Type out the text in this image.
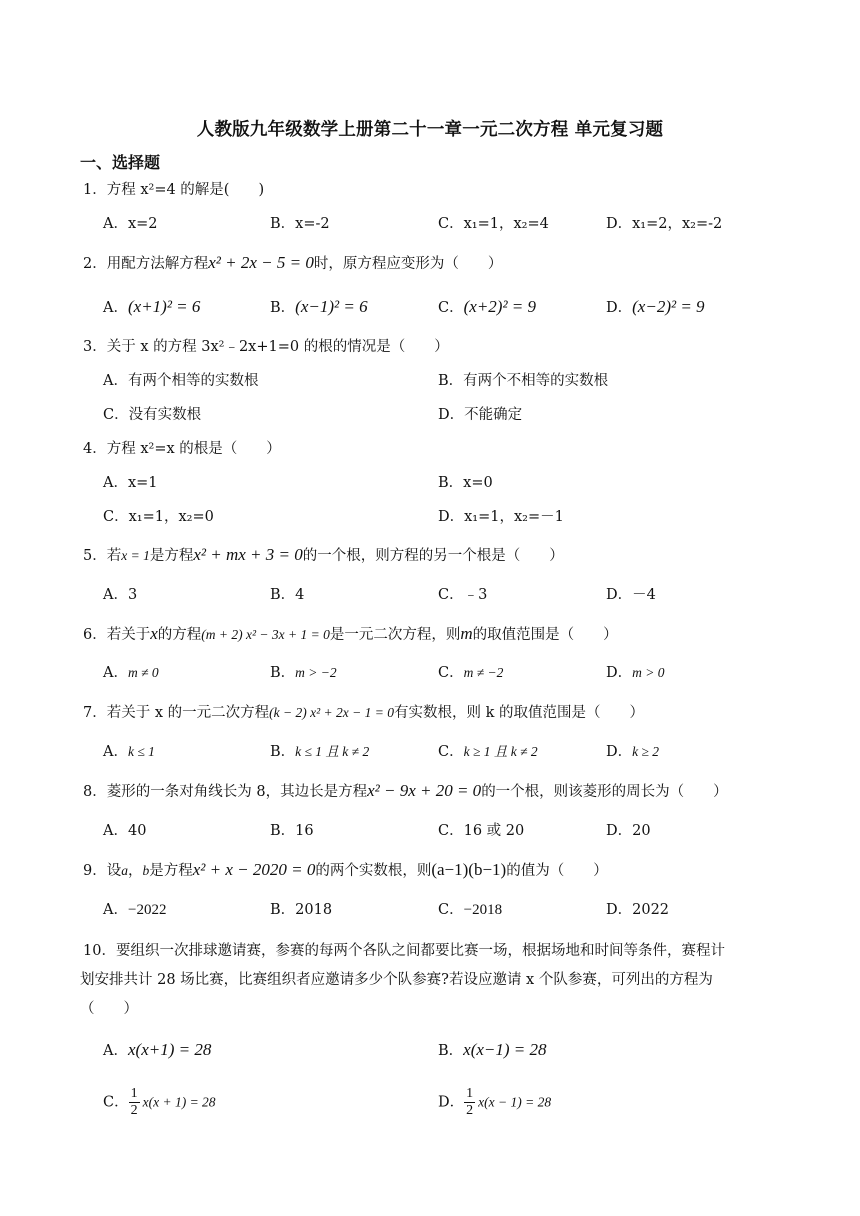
人教版九年级数学上册第二十一章一元二次方程 单元复习题
一、选择题
1．方程 x²=4 的解是(　　)
A．x=2	B．x=-2	C．x₁=1，x₂=4	D．x₁=2，x₂=-2
2．用配方法解方程x² + 2x − 5 = 0时，原方程应变形为（　　）
A．(x+1)² = 6	B．(x−1)² = 6	C．(x+2)² = 9	D．(x−2)² = 9
3．关于 x 的方程 3x²﹣2x+1=0 的根的情况是（　　）
A．有两个相等的实数根	B．有两个不相等的实数根
C．没有实数根	D．不能确定
4．方程 x²=x 的根是（　　）
A．x=1	B．x=0
C．x₁=1，x₂=0	D．x₁=1，x₂=－1
5．若x = 1是方程x² + mx + 3 = 0的一个根，则方程的另一个根是（　　）
A．3	B．4	C．﹣3	D．－4
6．若关于x的方程(m + 2) x² − 3x + 1 = 0是一元二次方程，则m的取值范围是（　　）
A．m ≠ 0	B．m > −2	C．m ≠ −2	D．m > 0
7．若关于 x 的一元二次方程(k − 2) x² + 2x − 1 = 0有实数根，则 k 的取值范围是（　　）
A．k ≤ 1	B．k ≤ 1 且 k ≠ 2	C．k ≥ 1 且 k ≠ 2	D．k ≥ 2
8．菱形的一条对角线长为 8，其边长是方程x² − 9x + 20 = 0的一个根，则该菱形的周长为（　　）
A．40	B．16	C．16 或 20	D．20
9．设a，b是方程x² + x − 2020 = 0的两个实数根，则(a−1)(b−1)的值为（　　）
A．−2022	B．2018	C．−2018	D．2022
10．要组织一次排球邀请赛，参赛的每两个各队之间都要比赛一场，根据场地和时间等条件，赛程计
划安排共计 28 场比赛，比赛组织者应邀请多少个队参赛?若设应邀请 x 个队参赛，可列出的方程为
（　　）
A．x(x+1) = 28	B．x(x−1) = 28
C． $\frac{1}{2} x(x + 1) = 28$	D． $\frac{1}{2} x(x - 1) = 28$
